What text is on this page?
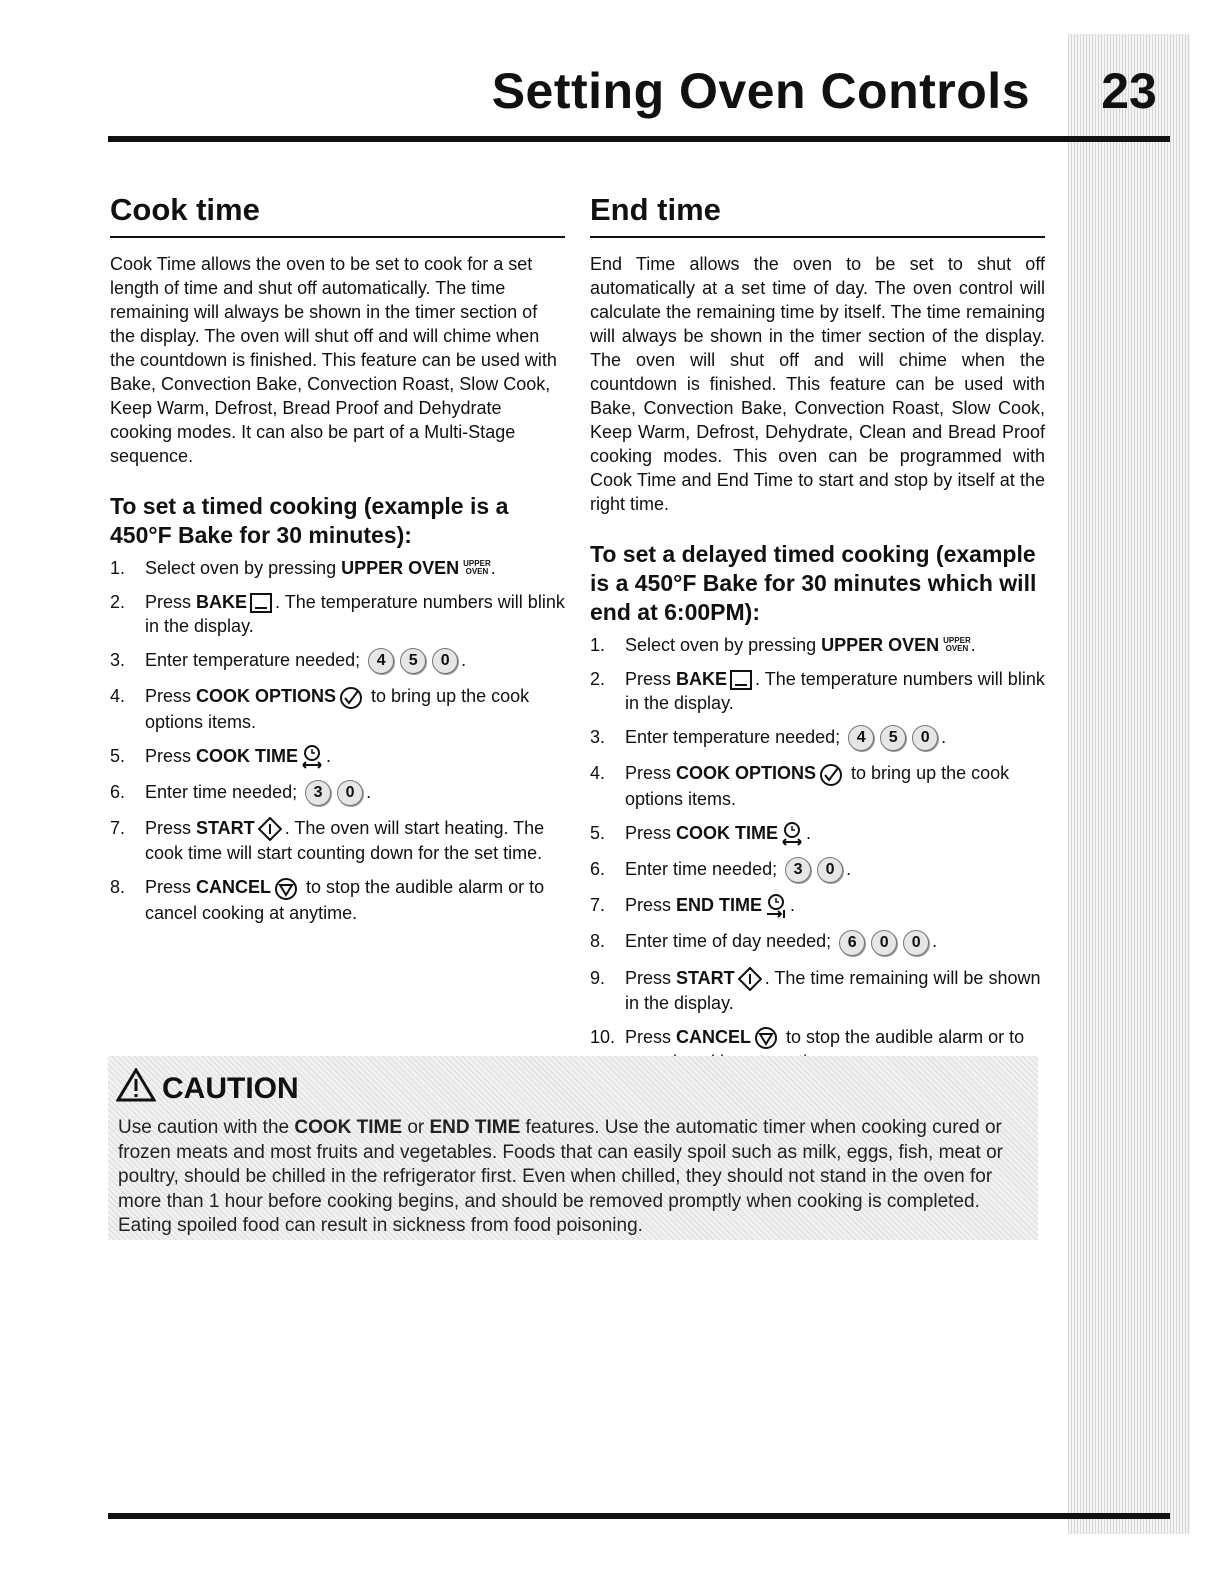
Setting Oven Controls	23
Cook time

Cook Time allows the oven to be set to cook for a set length of time and shut off automatically. The time remaining will always be shown in the timer section of the display. The oven will shut off and will chime when the countdown is finished. This feature can be used with Bake, Convection Bake, Convection Roast, Slow Cook, Keep Warm, Defrost, Bread Proof and Dehydrate cooking modes. It can also be part of a Multi-Stage sequence.

To set a timed cooking (example is a 450°F Bake for 30 minutes):
1. Select oven by pressing UPPER OVEN UPPER
OVEN .
2. Press BAKE . The temperature numbers will blink in the display.
3. Enter temperature needed; 4 5 0 .
4. Press COOK OPTIONS
to bring up the cook options items.
5. Press COOK TIME .
6. Enter time needed; 3 0 .
7. Press START . The oven will start heating. The cook time will start counting down for the set time.
8. Press CANCEL
to stop the audible alarm or to cancel cooking at anytime.
End time

End Time allows the oven to be set to shut off automatically at a set time of day. The oven control will calculate the remaining time by itself. The time remaining will always be shown in the timer section of the display. The oven will shut off and will chime when the countdown is finished. This feature can be used with Bake, Convection Bake, Convection Roast, Slow Cook, Keep Warm, Defrost, Dehydrate, Clean and Bread Proof cooking modes. This oven can be programmed with Cook Time and End Time to start and stop by itself at the right time.

To set a delayed timed cooking (example is a 450°F Bake for 30 minutes which will end at 6:00PM):
1. Select oven by pressing UPPER OVEN UPPER
OVEN .
2. Press BAKE . The temperature numbers will blink in the display.
3. Enter temperature needed; 4 5 0 .
4. Press COOK OPTIONS
to bring up the cook options items.
5. Press COOK TIME .
6. Enter time needed; 3 0 .
7. Press END TIME .
8. Enter time of day needed; 6 0 0 .
9. Press START . The time remaining will be shown in the display.
10. Press CANCEL
to stop the audible alarm or to
CAUTION
Use caution with the COOK TIME or END TIME features. Use the automatic timer when cooking cured or frozen meats and most fruits and vegetables. Foods that can easily spoil such as milk, eggs, fish, meat or poultry, should be chilled in the refrigerator first. Even when chilled, they should not stand in the oven for more than 1 hour before cooking begins, and should be removed promptly when cooking is completed. Eating spoiled food can result in sickness from food poisoning.
